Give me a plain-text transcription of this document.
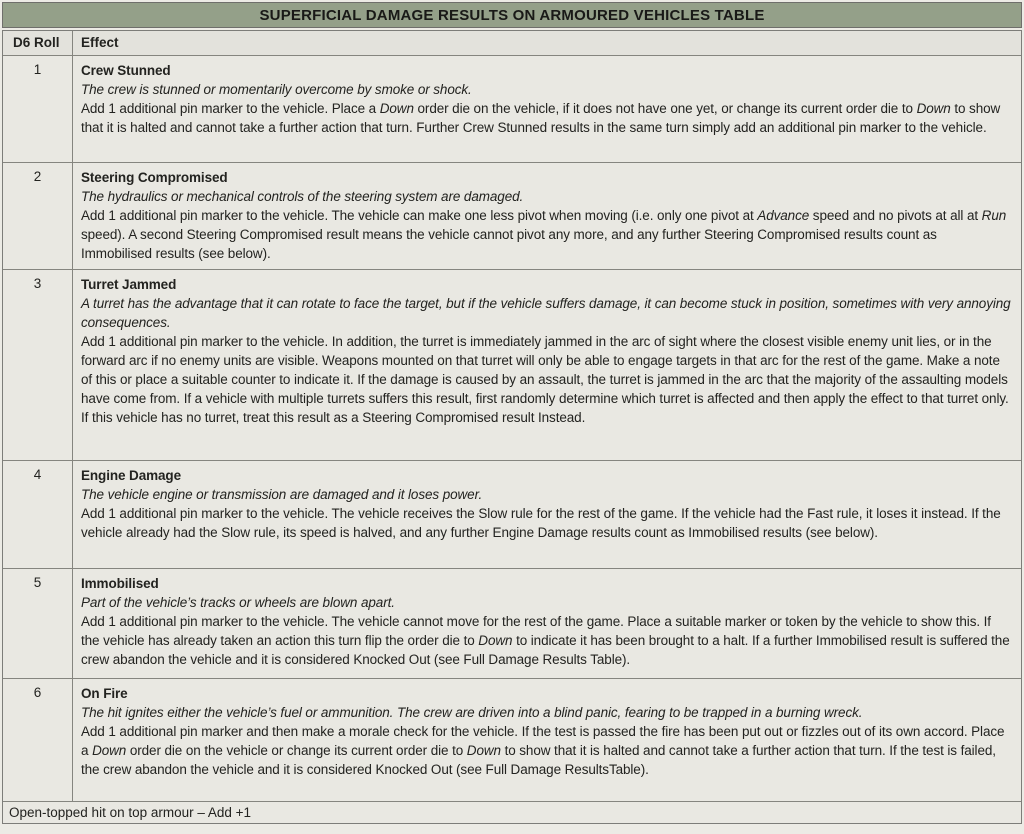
SUPERFICIAL DAMAGE RESULTS ON ARMOURED VEHICLES TABLE
D6 Roll	Effect
1	Crew Stunned
The crew is stunned or momentarily overcome by smoke or shock.
Add 1 additional pin marker to the vehicle. Place a Down order die on the vehicle, if it does not have one yet, or change its current order die to Down to show that it is halted and cannot take a further action that turn. Further Crew Stunned results in the same turn simply add an additional pin marker to the vehicle.
2	Steering Compromised
The hydraulics or mechanical controls of the steering system are damaged.
Add 1 additional pin marker to the vehicle. The vehicle can make one less pivot when moving (i.e. only one pivot at Advance speed and no pivots at all at Run speed). A second Steering Compromised result means the vehicle cannot pivot any more, and any further Steering Compromised results count as Immobilised results (see below).
3	Turret Jammed
A turret has the advantage that it can rotate to face the target, but if the vehicle suffers damage, it can become stuck in position, sometimes with very annoying consequences.
Add 1 additional pin marker to the vehicle. In addition, the turret is immediately jammed in the arc of sight where the closest visible enemy unit lies, or in the forward arc if no enemy units are visible. Weapons mounted on that turret will only be able to engage targets in that arc for the rest of the game. Make a note of this or place a suitable counter to indicate it. If the damage is caused by an assault, the turret is jammed in the arc that the majority of the assaulting models have come from. If a vehicle with multiple turrets suffers this result, first randomly determine which turret is affected and then apply the effect to that turret only. If this vehicle has no turret, treat this result as a Steering Compromised result Instead.
4	Engine Damage
The vehicle engine or transmission are damaged and it loses power.
Add 1 additional pin marker to the vehicle. The vehicle receives the Slow rule for the rest of the game. If the vehicle had the Fast rule, it loses it instead. If the vehicle already had the Slow rule, its speed is halved, and any further Engine Damage results count as Immobilised results (see below).
5	Immobilised
Part of the vehicle’s tracks or wheels are blown apart.
Add 1 additional pin marker to the vehicle. The vehicle cannot move for the rest of the game. Place a suitable marker or token by the vehicle to show this. If the vehicle has already taken an action this turn flip the order die to Down to indicate it has been brought to a halt. If a further Immobilised result is suffered the crew abandon the vehicle and it is considered Knocked Out (see Full Damage Results Table).
6	On Fire
The hit ignites either the vehicle’s fuel or ammunition. The crew are driven into a blind panic, fearing to be trapped in a burning wreck.
Add 1 additional pin marker and then make a morale check for the vehicle. If the test is passed the fire has been put out or fizzles out of its own accord. Place a Down order die on the vehicle or change its current order die to Down to show that it is halted and cannot take a further action that turn. If the test is failed, the crew abandon the vehicle and it is considered Knocked Out (see Full Damage ResultsTable).
Open-topped hit on top armour – Add +1
